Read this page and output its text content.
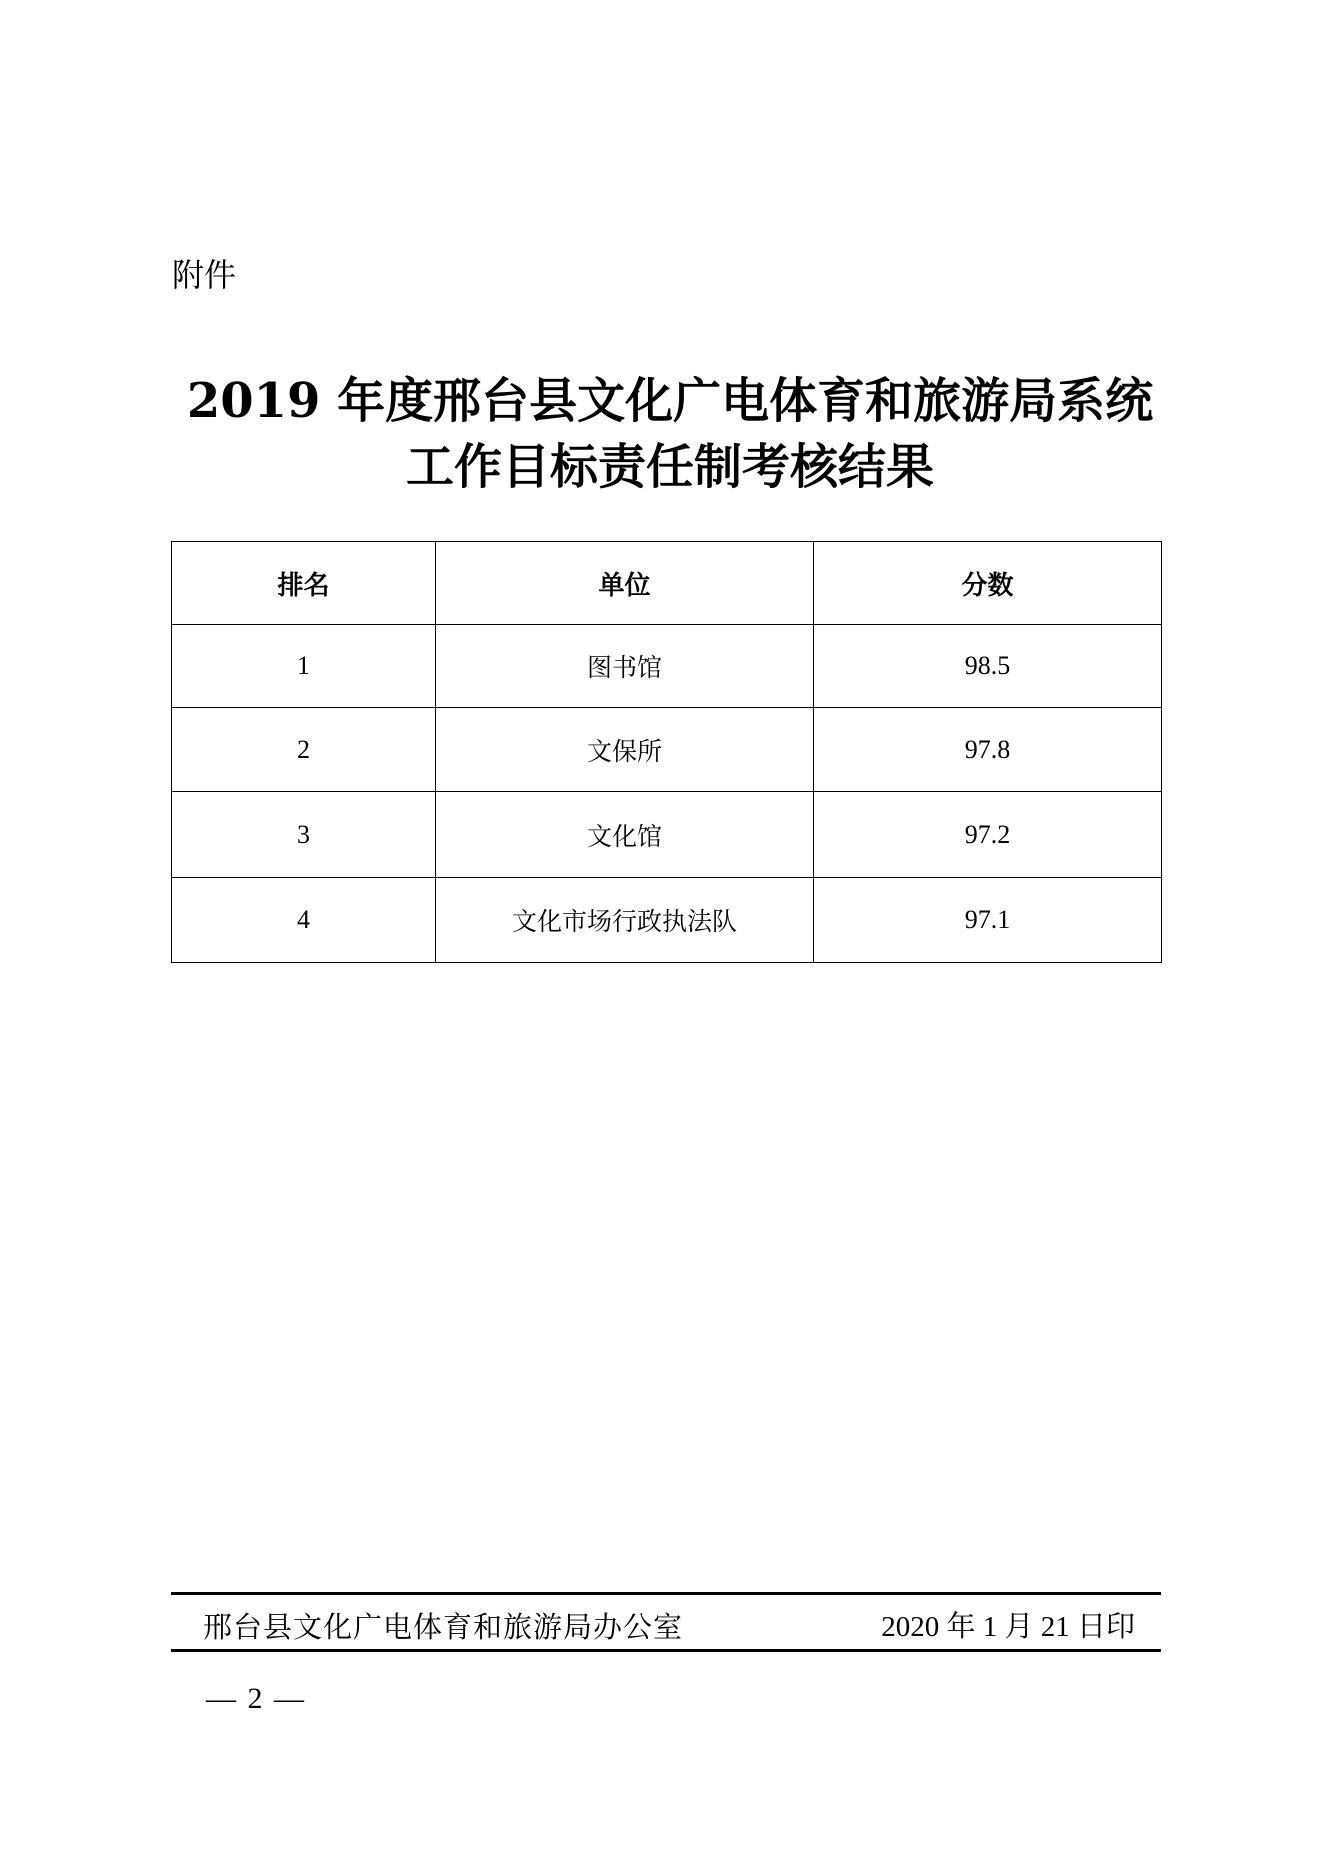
附件
2019 年度邢台县文化广电体育和旅游局系统
工作目标责任制考核结果
排名	单位	分数
1	图书馆	98.5
2	文保所	97.8
3	文化馆	97.2
4	文化市场行政执法队	97.1
邢台县文化广电体育和旅游局办公室	2020 年 1 月 21 日印
— 2 —
